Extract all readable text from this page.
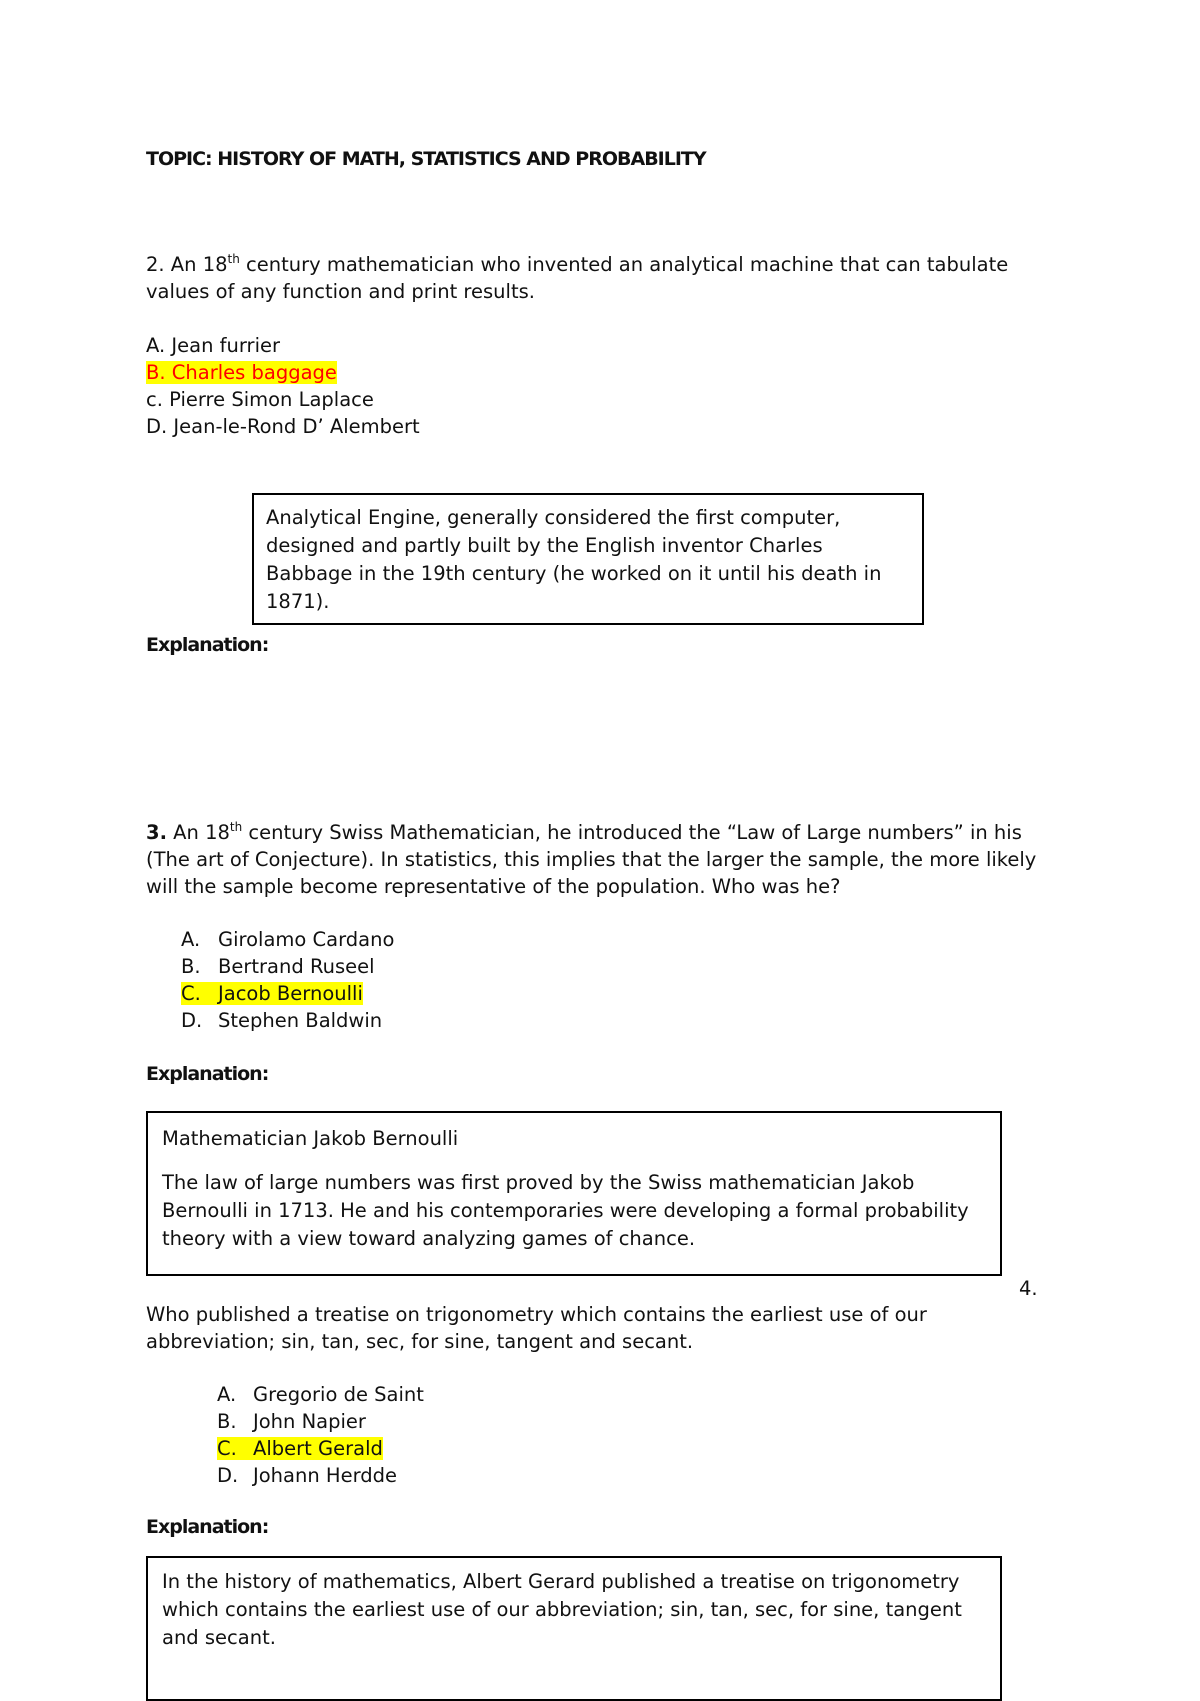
TOPIC: HISTORY OF MATH, STATISTICS AND PROBABILITY
2. An 18th century mathematician who invented an analytical machine that can tabulate
values of any function and print results.
A. Jean furrier
B. Charles baggage
c. Pierre Simon Laplace
D. Jean-le-Rond D’ Alembert
Analytical Engine, generally considered the first computer,
designed and partly built by the English inventor Charles
Babbage in the 19th century (he worked on it until his death in
1871).
Explanation:
3. An 18th century Swiss Mathematician, he introduced the “Law of Large numbers” in his
(The art of Conjecture). In statistics, this implies that the larger the sample, the more likely
will the sample become representative of the population. Who was he?
A. Girolamo Cardano
B. Bertrand Ruseel
C. Jacob Bernoulli
D. Stephen Baldwin
Explanation:
Mathematician Jakob Bernoulli
The law of large numbers was first proved by the Swiss mathematician Jakob
Bernoulli in 1713. He and his contemporaries were developing a formal probability
theory with a view toward analyzing games of chance.
4.
Who published a treatise on trigonometry which contains the earliest use of our
abbreviation; sin, tan, sec, for sine, tangent and secant.
A. Gregorio de Saint
B. John Napier
C. Albert Gerald
D. Johann Herdde
Explanation:
In the history of mathematics, Albert Gerard published a treatise on trigonometry
which contains the earliest use of our abbreviation; sin, tan, sec, for sine, tangent
and secant.
